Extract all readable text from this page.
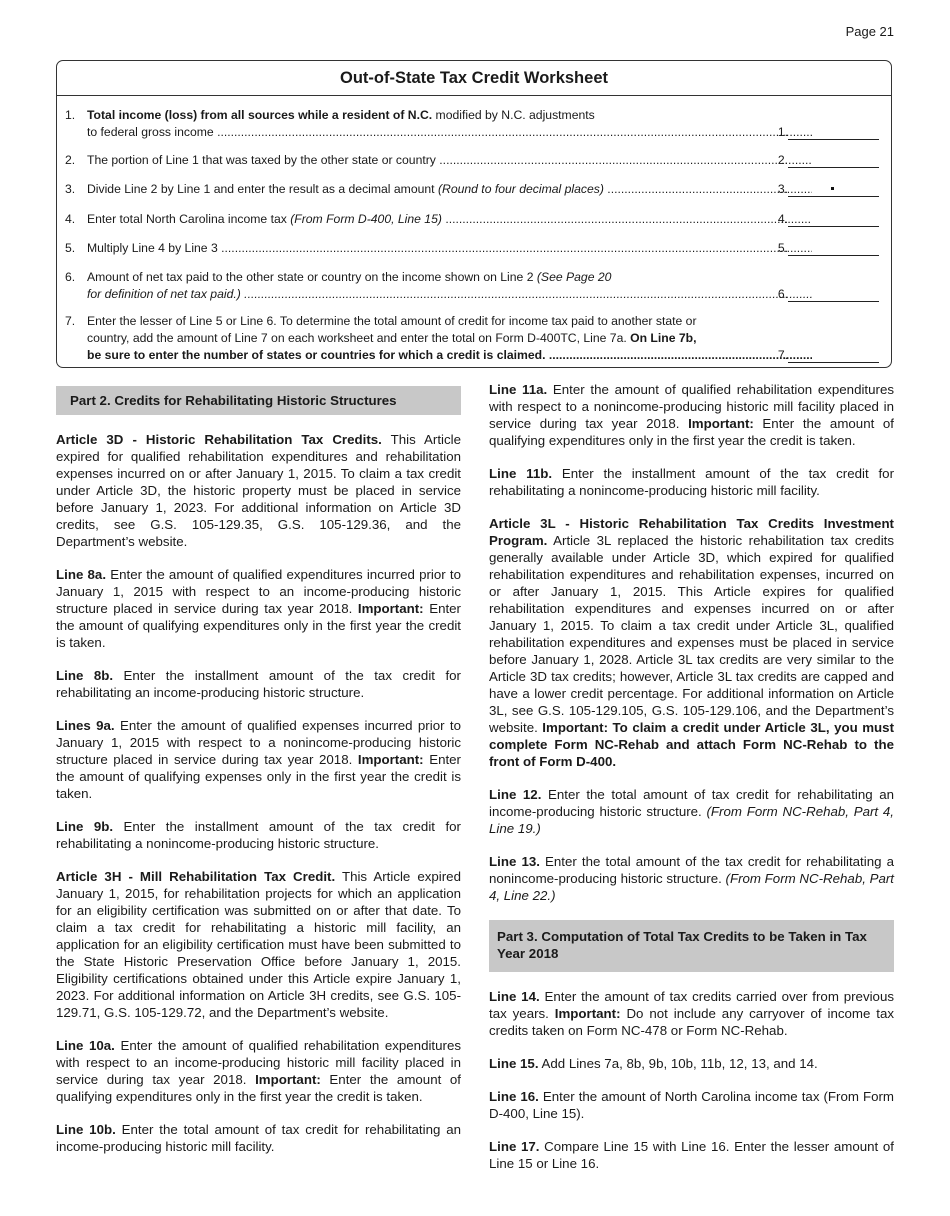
Page 21
Out-of-State Tax Credit Worksheet
1. Total income (loss) from all sources while a resident of N.C. modified by N.C. adjustments
to federal gross income .....	1.
2. The portion of Line 1 that was taxed by the other state or country .....	2.
3. Divide Line 2 by Line 1 and enter the result as a decimal amount (Round to four decimal places) .....	3.
4. Enter total North Carolina income tax (From Form D-400, Line 15) .....	4.
5. Multiply Line 4 by Line 3 .....	5.
6. Amount of net tax paid to the other state or country on the income shown on Line 2 (See Page 20
for definition of net tax paid.) .....	6.
7. Enter the lesser of Line 5 or Line 6. To determine the total amount of credit for income tax paid to another state or
country, add the amount of Line 7 on each worksheet and enter the total on Form D-400TC, Line 7a. On Line 7b,
be sure to enter the number of states or countries for which a credit is claimed. .....	7.
Part 2. Credits for Rehabilitating Historic Structures

Article 3D - Historic Rehabilitation Tax Credits. This Article expired for qualified rehabilitation expenditures and rehabilitation expenses incurred on or after January 1, 2015. To claim a tax credit under Article 3D, the historic property must be placed in service before January 1, 2023. For additional information on Article 3D credits, see G.S. 105-129.35, G.S. 105-129.36, and the Department’s website.

Line 8a. Enter the amount of qualified expenditures incurred prior to January 1, 2015 with respect to an income-producing historic structure placed in service during tax year 2018. Important: Enter the amount of qualifying expenditures only in the first year the credit is taken.

Line 8b. Enter the installment amount of the tax credit for rehabilitating an income-producing historic structure.

Lines 9a. Enter the amount of qualified expenses incurred prior to January 1, 2015 with respect to a nonincome-producing historic structure placed in service during tax year 2018. Important: Enter the amount of qualifying expenses only in the first year the credit is taken.

Line 9b. Enter the installment amount of the tax credit for rehabilitating a nonincome-producing historic structure.

Article 3H - Mill Rehabilitation Tax Credit. This Article expired January 1, 2015, for rehabilitation projects for which an application for an eligibility certification was submitted on or after that date. To claim a tax credit for rehabilitating a historic mill facility, an application for an eligibility certification must have been submitted to the State Historic Preservation Office before January 1, 2015. Eligibility certifications obtained under this Article expire January 1, 2023. For additional information on Article 3H credits, see G.S. 105-129.71, G.S. 105-129.72, and the Department’s website.

Line 10a. Enter the amount of qualified rehabilitation expenditures with respect to an income-producing historic mill facility placed in service during tax year 2018. Important: Enter the amount of qualifying expenditures only in the first year the credit is taken.

Line 10b. Enter the total amount of tax credit for rehabilitating an income-producing historic mill facility.

Line 11a. Enter the amount of qualified rehabilitation expenditures with respect to a nonincome-producing historic mill facility placed in service during tax year 2018. Important: Enter the amount of qualifying expenditures only in the first year the credit is taken.

Line 11b. Enter the installment amount of the tax credit for rehabilitating a nonincome-producing historic mill facility.

Article 3L - Historic Rehabilitation Tax Credits Investment Program. Article 3L replaced the historic rehabilitation tax credits generally available under Article 3D, which expired for qualified rehabilitation expenditures and rehabilitation expenses, incurred on or after January 1, 2015. This Article expires for qualified rehabilitation expenditures and expenses incurred on or after January 1, 2015. To claim a tax credit under Article 3L, qualified rehabilitation expenditures and expenses must be placed in service before January 1, 2028. Article 3L tax credits are very similar to the Article 3D tax credits; however, Article 3L tax credits are capped and have a lower credit percentage. For additional information on Article 3L, see G.S. 105-129.105, G.S. 105-129.106, and the Department’s website. Important: To claim a credit under Article 3L, you must complete Form NC-Rehab and attach Form NC-Rehab to the front of Form D-400.

Line 12. Enter the total amount of tax credit for rehabilitating an income-producing historic structure. (From Form NC-Rehab, Part 4, Line 19.)

Line 13. Enter the total amount of the tax credit for rehabilitating a nonincome-producing historic structure. (From Form NC-Rehab, Part 4, Line 22.)

Part 3. Computation of Total Tax Credits to be Taken in Tax Year 2018

Line 14. Enter the amount of tax credits carried over from previous tax years. Important: Do not include any carryover of income tax credits taken on Form NC-478 or Form NC-Rehab.

Line 15. Add Lines 7a, 8b, 9b, 10b, 11b, 12, 13, and 14.

Line 16. Enter the amount of North Carolina income tax (From Form D-400, Line 15).

Line 17. Compare Line 15 with Line 16. Enter the lesser amount of Line 15 or Line 16.
